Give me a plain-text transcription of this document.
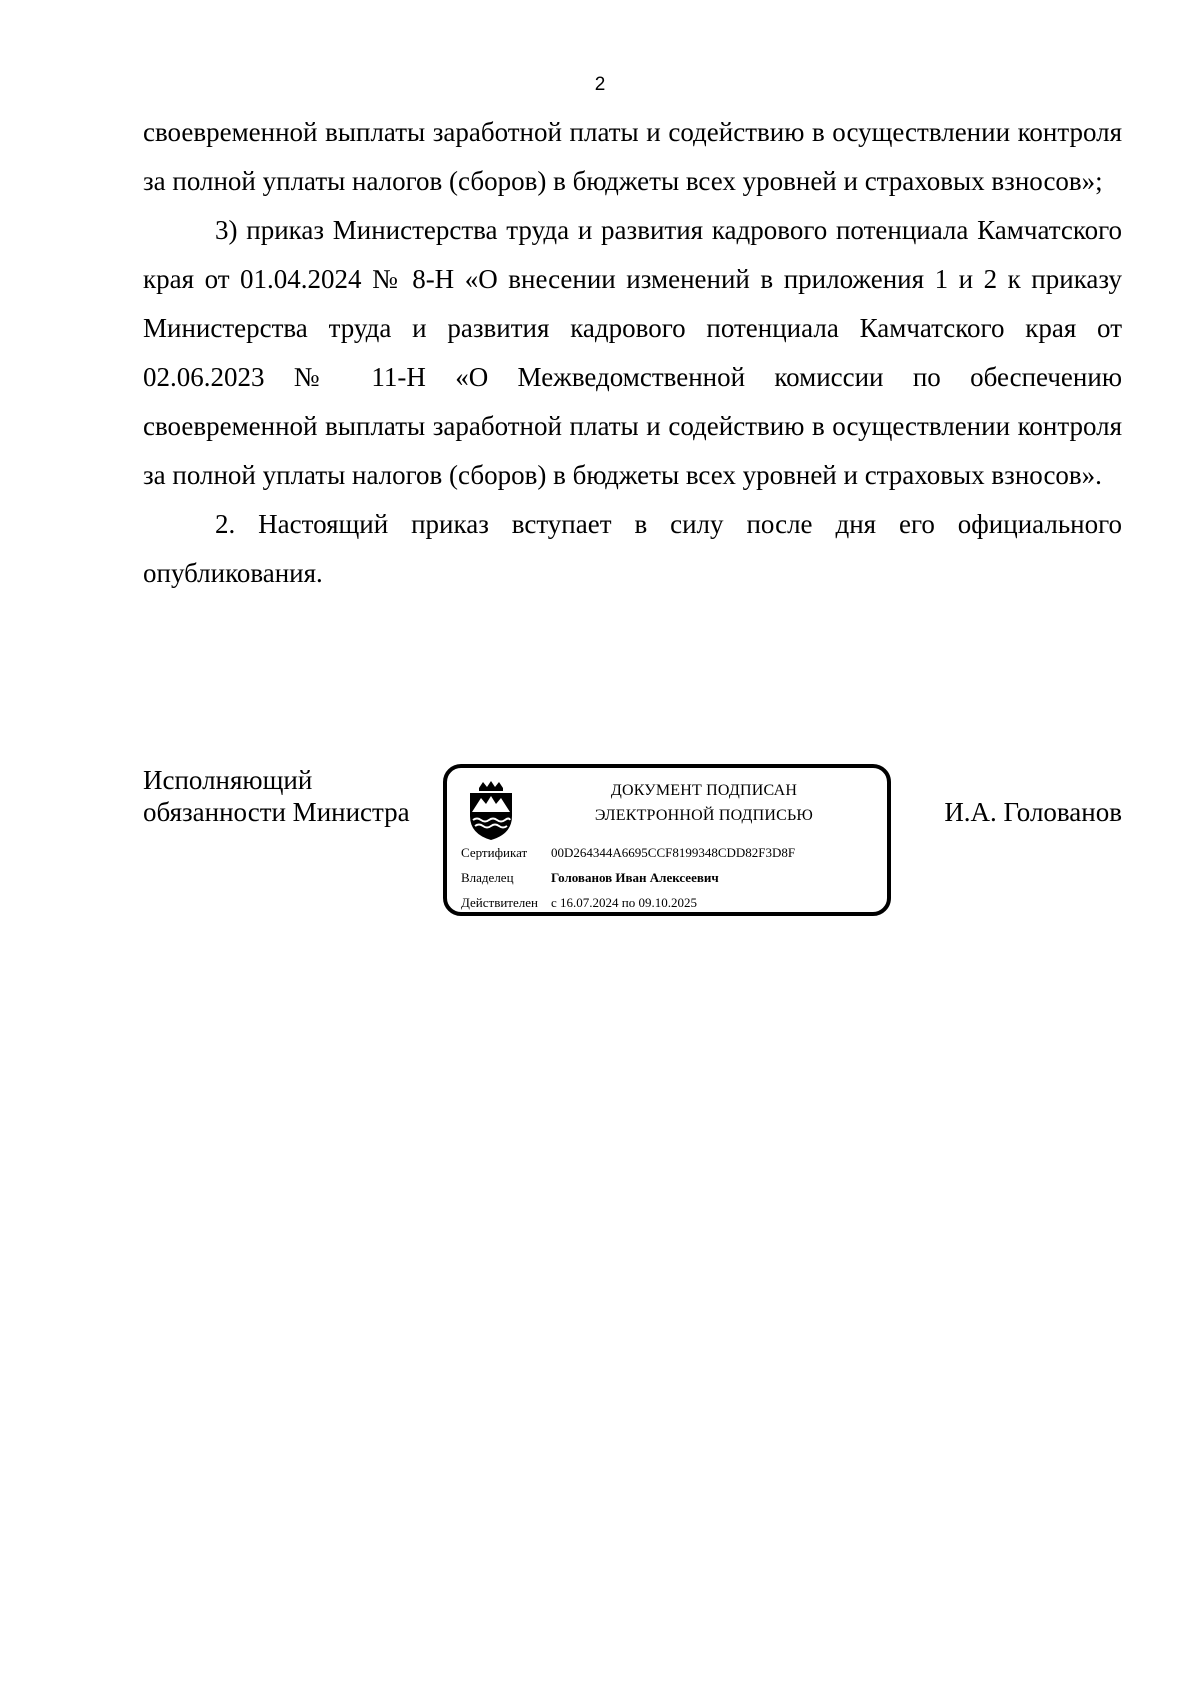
2

своевременной выплаты заработной платы и содействию в осуществлении контроля за полной уплаты налогов (сборов) в бюджеты всех уровней и страховых взносов»;

3) приказ Министерства труда и развития кадрового потенциала Камчатского края от 01.04.2024 № 8-Н «О внесении изменений в приложения 1 и 2 к приказу Министерства труда и развития кадрового потенциала Камчатского края от 02.06.2023 № 11-Н «О Межведомственной комиссии по обеспечению своевременной выплаты заработной платы и содействию в осуществлении контроля за полной уплаты налогов (сборов) в бюджеты всех уровней и страховых взносов».

2. Настоящий приказ вступает в силу после дня его официального опубликования.

Исполняющий
обязанности Министра
ДОКУМЕНТ ПОДПИСАН
ЭЛЕКТРОННОЙ ПОДПИСЬЮ
Сертификат 00D264344A6695CCF8199348CDD82F3D8F
Владелец	Голованов Иван Алексеевич
Действителен с 16.07.2024 по 09.10.2025
И.А. Голованов
